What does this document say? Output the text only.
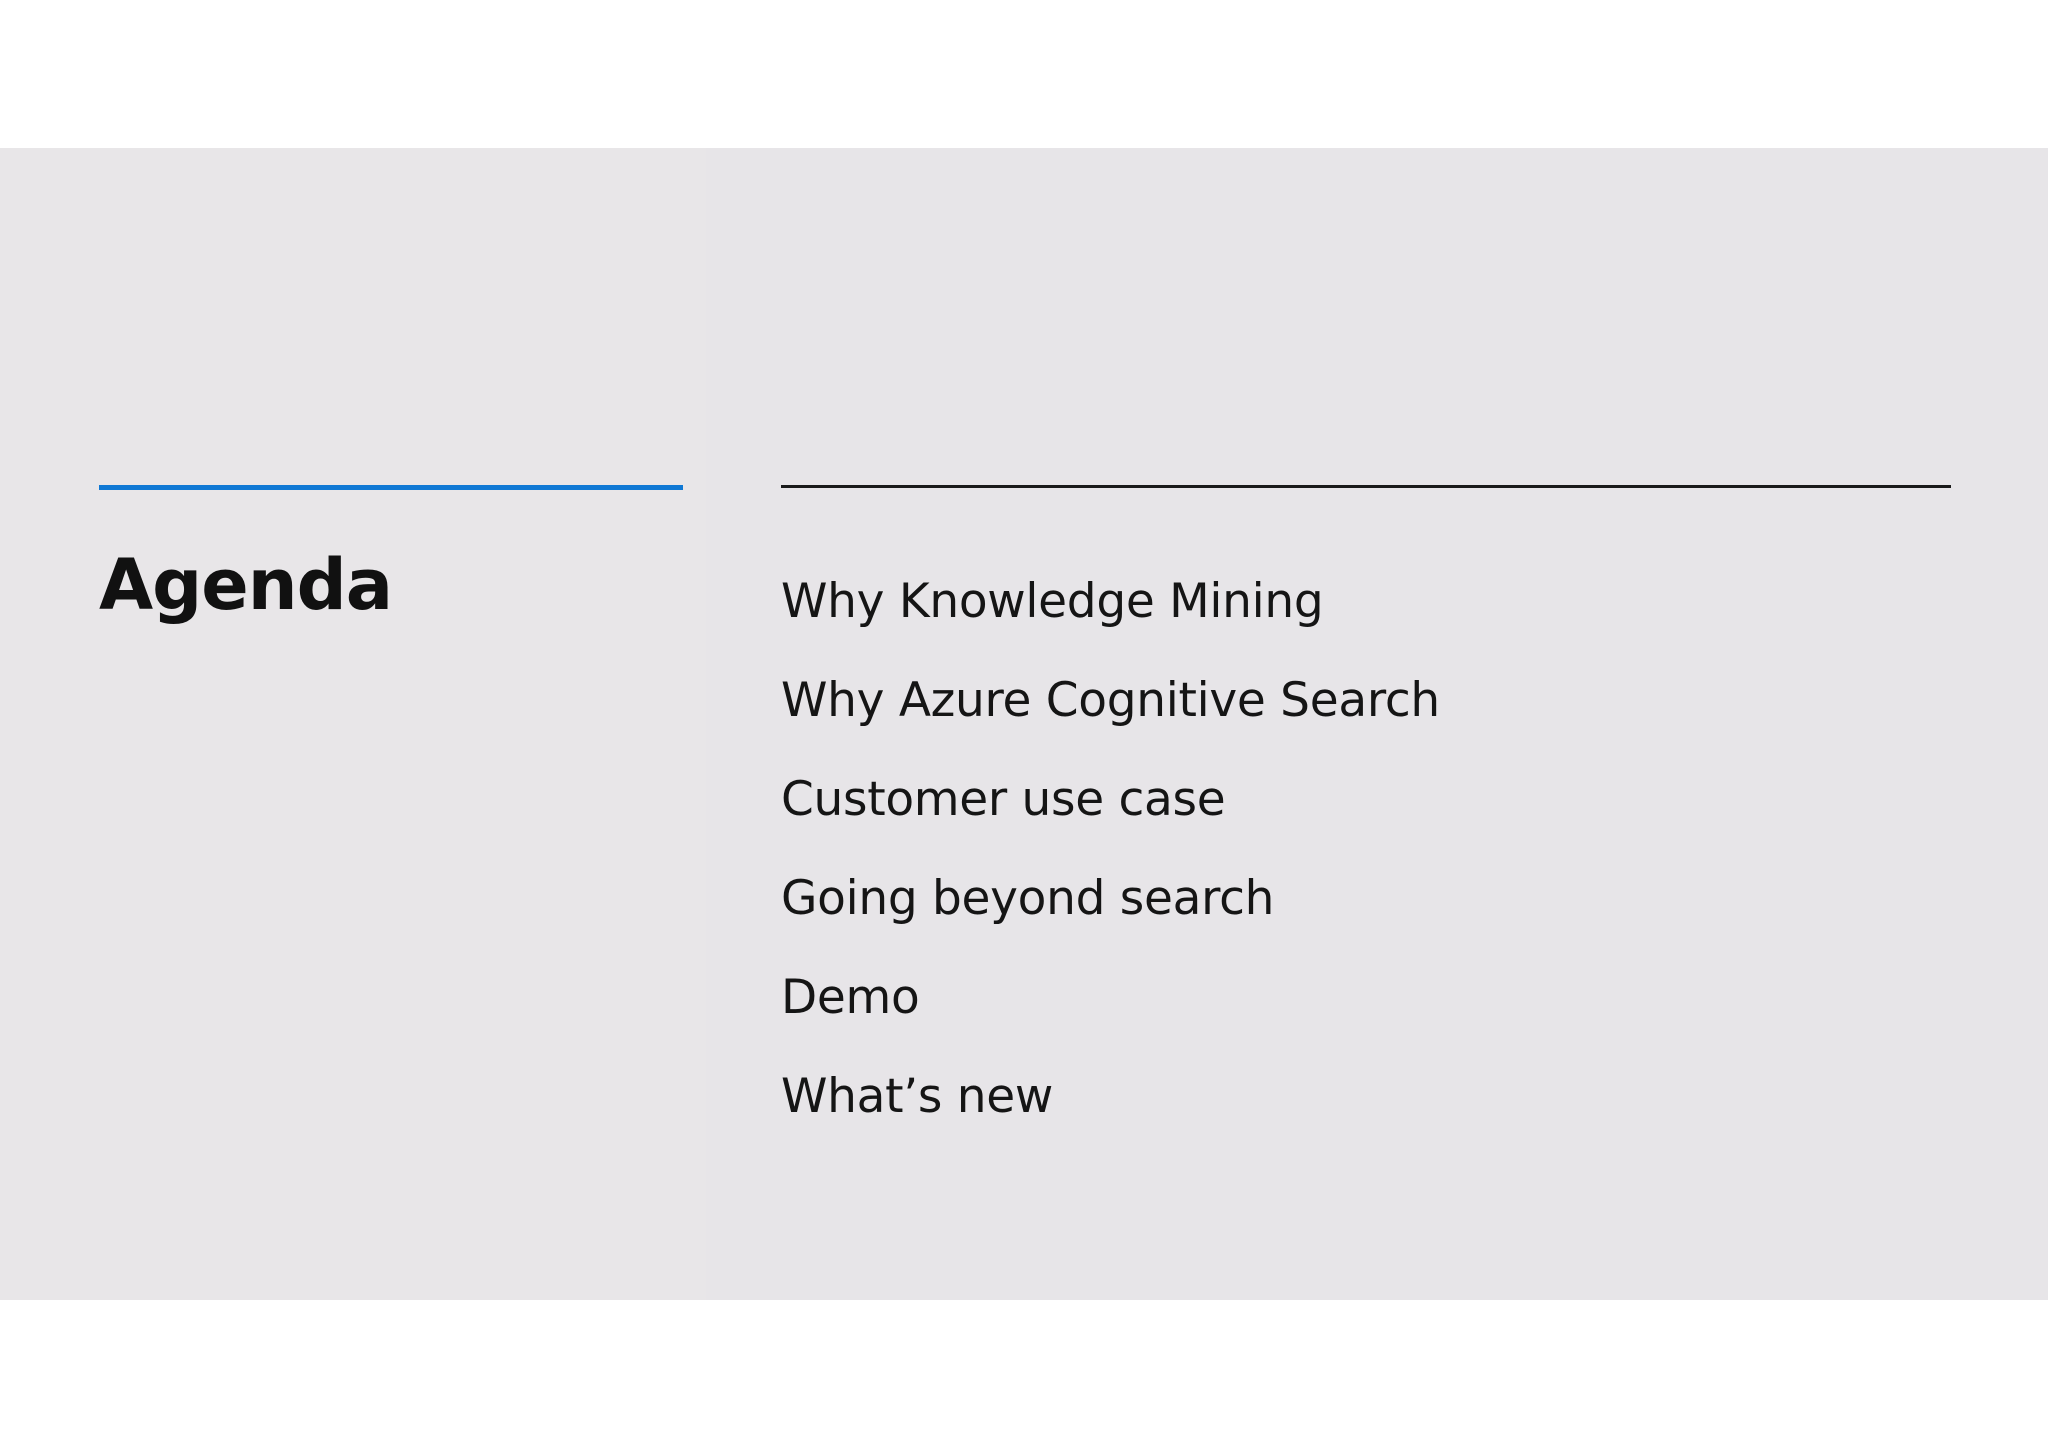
Agenda	Why Knowledge Mining
Why Azure Cognitive Search
Customer use case
Going beyond search
Demo
What’s new
